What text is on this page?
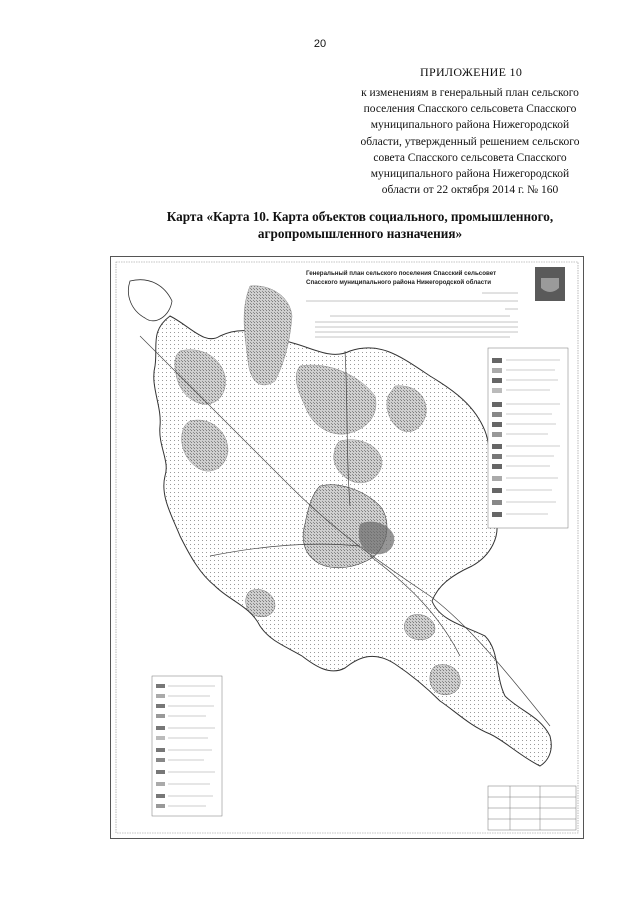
20
ПРИЛОЖЕНИЕ 10
к изменениям в генеральный план сельского
поселения Спасского сельсовета Спасского
муниципального района Нижегородской
области, утвержденный решением сельского
совета Спасского сельсовета Спасского
муниципального района Нижегородской
области от 22 октября 2014 г. № 160
Карта «Карта 10. Карта объектов социального, промышленного,
агропромышленного назначения»
Генеральный план сельского поселения Спасский сельсовет
Спасского муниципального района Нижегородской области
